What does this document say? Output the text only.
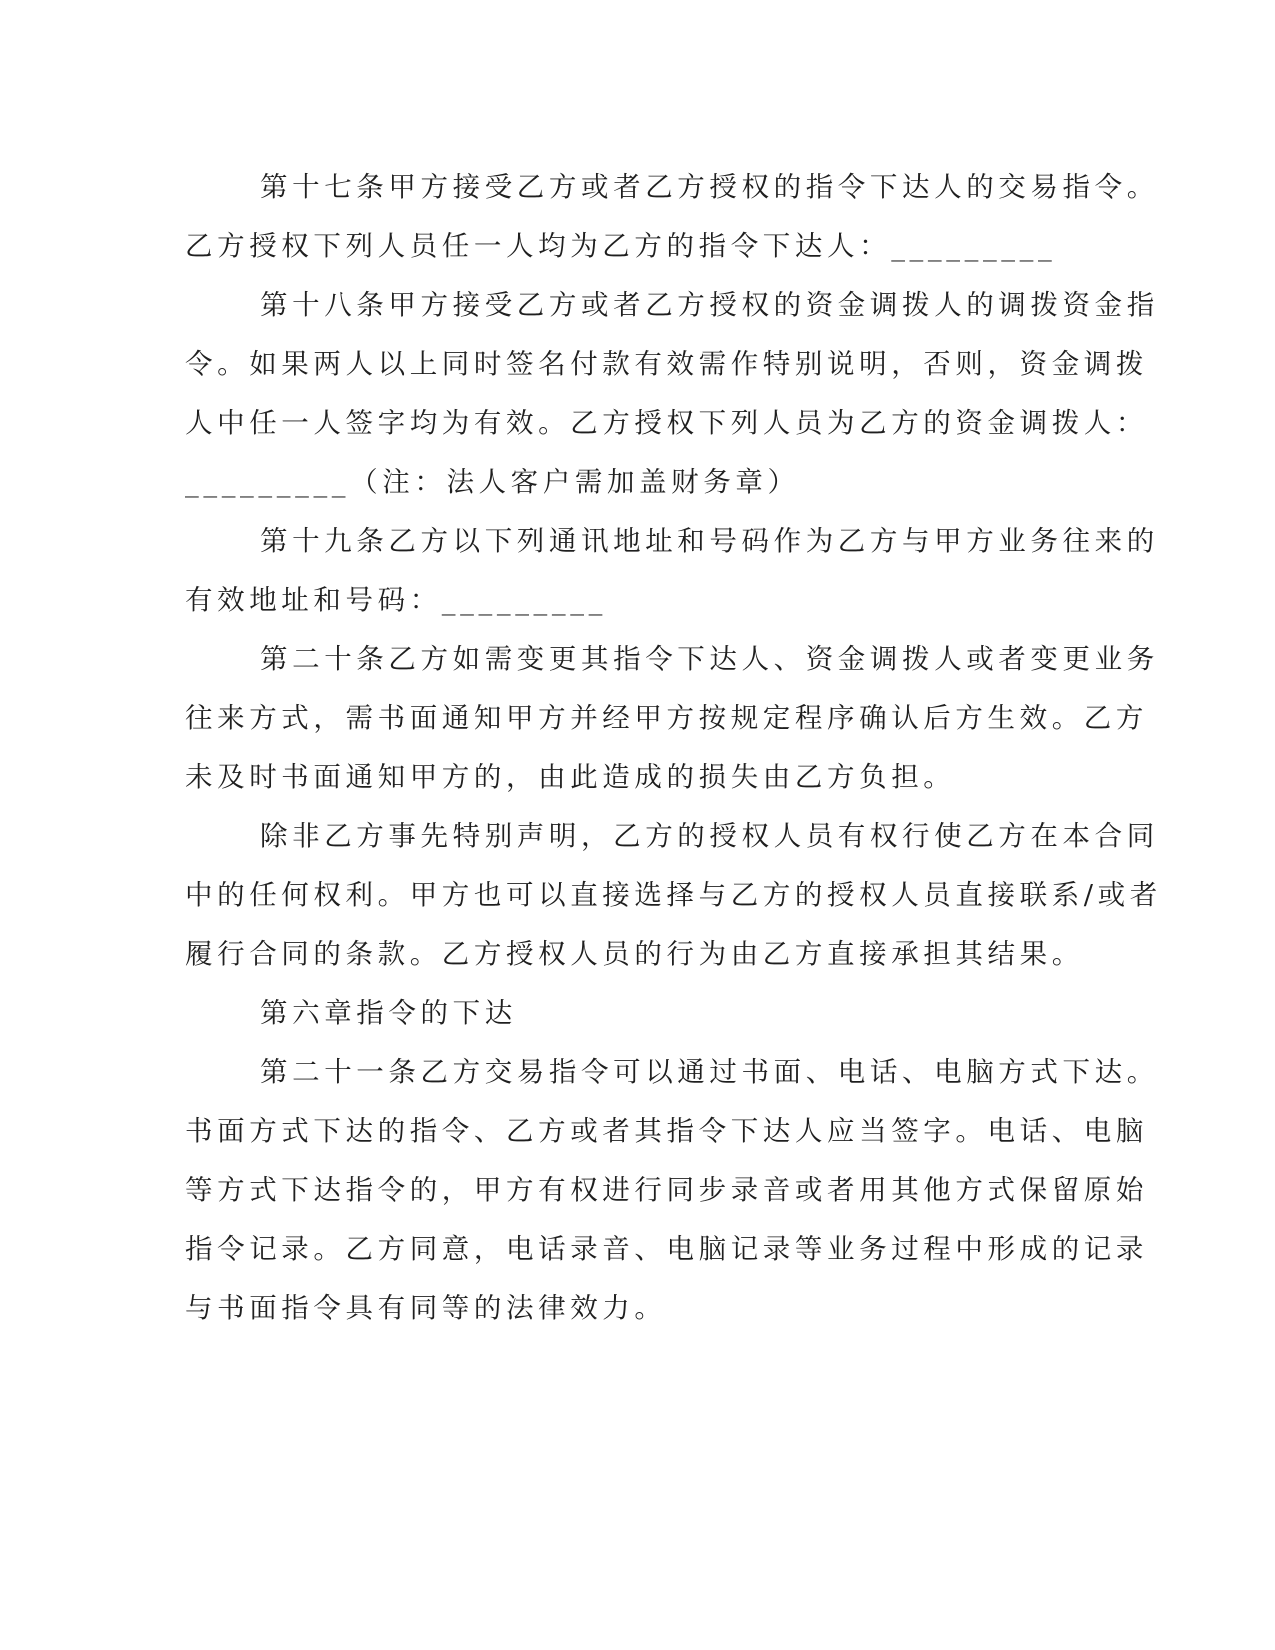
第十七条甲方接受乙方或者乙方授权的指令下达人的交易指令。
乙方授权下列人员任一人均为乙方的指令下达人：_________
第十八条甲方接受乙方或者乙方授权的资金调拨人的调拨资金指
令。如果两人以上同时签名付款有效需作特别说明，否则，资金调拨
人中任一人签字均为有效。乙方授权下列人员为乙方的资金调拨人：
_________（注：法人客户需加盖财务章）
第十九条乙方以下列通讯地址和号码作为乙方与甲方业务往来的
有效地址和号码：_________
第二十条乙方如需变更其指令下达人、资金调拨人或者变更业务
往来方式，需书面通知甲方并经甲方按规定程序确认后方生效。乙方
未及时书面通知甲方的，由此造成的损失由乙方负担。
除非乙方事先特别声明，乙方的授权人员有权行使乙方在本合同
中的任何权利。甲方也可以直接选择与乙方的授权人员直接联系/或者
履行合同的条款。乙方授权人员的行为由乙方直接承担其结果。
第六章指令的下达
第二十一条乙方交易指令可以通过书面、电话、电脑方式下达。
书面方式下达的指令、乙方或者其指令下达人应当签字。电话、电脑
等方式下达指令的，甲方有权进行同步录音或者用其他方式保留原始
指令记录。乙方同意，电话录音、电脑记录等业务过程中形成的记录
与书面指令具有同等的法律效力。
